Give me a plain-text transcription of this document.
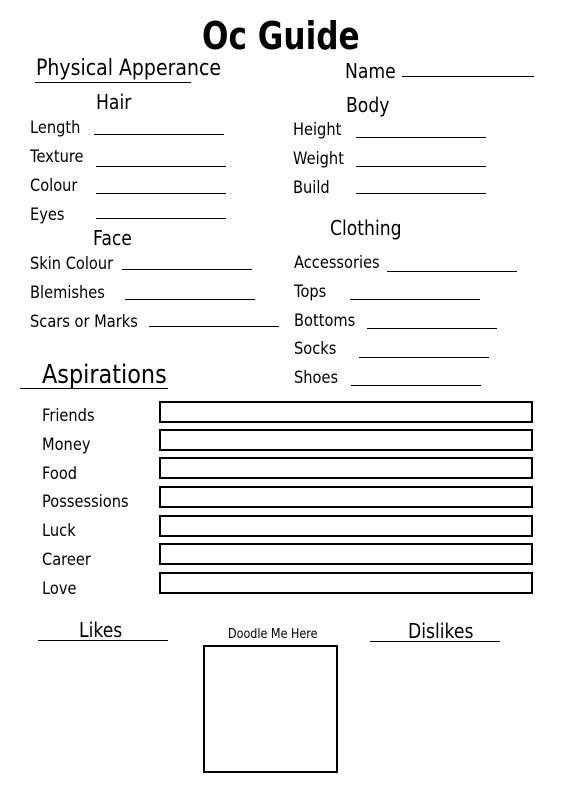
Oc Guide
Physical Apperance	Name
Hair
Length
Texture
Colour
Eyes
Face
Skin Colour
Blemishes
Scars or Marks
Body
Height
Weight
Build
Clothing
Accessories
Tops
Bottoms
Socks
Shoes
Aspirations
Friends
Money
Food
Possessions
Luck
Career
Love
Likes	Doodle Me Here	Dislikes
